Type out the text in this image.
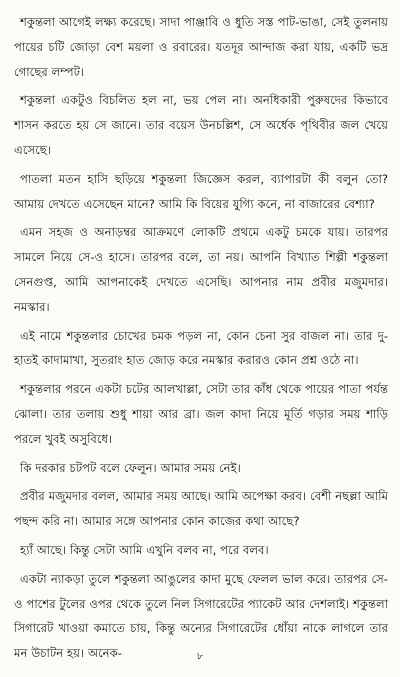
শকুন্তলা আগেই লক্ষ্য করেছে। সাদা পাঞ্জাবি ও ধুতি সস্ত পাট-ভাঙা, সেই তুলনায় পায়ের চটি জোড়া বেশ ময়লা ও রবারের। যতদূর আন্দাজ করা যায়, একটি ভদ্র গোছের লম্পট।

শকুন্তলা একটুও বিচলিত হল না, ভয় পেল না। অনধিকারী পুরুষদের কিভাবে শাসন করতে হয় সে জানে। তার বয়েস উনচল্লিশ, সে অর্ধেক পৃথিবীর জল খেয়ে এসেছে।

পাতলা মতন হাসি ছড়িয়ে শকুন্তলা জিজ্ঞেস করল, ব্যাপারটা কী বলুন তো? আমায় দেখতে এসেছেন মানে? আমি কি বিয়ের যুগ্যি কনে, না বাজারের বেশ্যা?

এমন সহজ ও অনাড়ম্বর আক্রমণে লোকটি প্রথমে একটু চমকে যায়। তারপর সামলে নিয়ে সে-ও হাসে। তারপর বলে, তা নয়। আপনি বিখ্যাত শিল্পী শকুন্তলা সেনগুপ্ত, আমি আপনাকেই দেখতে এসেছি। আপনার নাম প্রবীর মজুমদার। নমস্কার।

এই নামে শকুন্তলার চোখের চমক পড়ল না, কোন চেনা সুর বাজল না। তার দু-হাতই কাদামাখা, সুতরাং হাত জোড় করে নমস্কার করারও কোন প্রশ্ন ওঠে না।

শকুন্তলার পরনে একটা চটের আলখাল্লা, সেটা তার কাঁধ থেকে পায়ের পাতা পর্যন্ত ঝোলা। তার তলায় শুধু শায়া আর ব্রা। জল কাদা নিয়ে মূর্তি গড়ার সময় শাড়ি পরলে খুবই অসুবিধে।

কি দরকার চটপট বলে ফেলুন। আমার সময় নেই।

প্রবীর মজুমদার বলল, আমার সময় আছে। আমি অপেক্ষা করব। বেশী নছল্লা আমি পছন্দ করি না। আমার সঙ্গে আপনার কোন কাজের কথা আছে?

হ্যাঁ আছে। কিন্তু সেটা আমি এখুনি বলব না, পরে বলব।

একটা ন্যাকড়া তুলে শকুন্তলা আঙুলের কাদা মুছে ফেলল ভাল করে। তারপর সে-ও পাশের টুলের ওপর থেকে তুলে নিল সিগারেটের প্যাকেট আর দেশলাই। শকুন্তলা সিগারেট খাওয়া কমাতে চায়, কিন্তু অন্যের সিগারেটের ধোঁয়া নাকে লাগলে তার মন উচাটন হয়। অনেক-	৮
